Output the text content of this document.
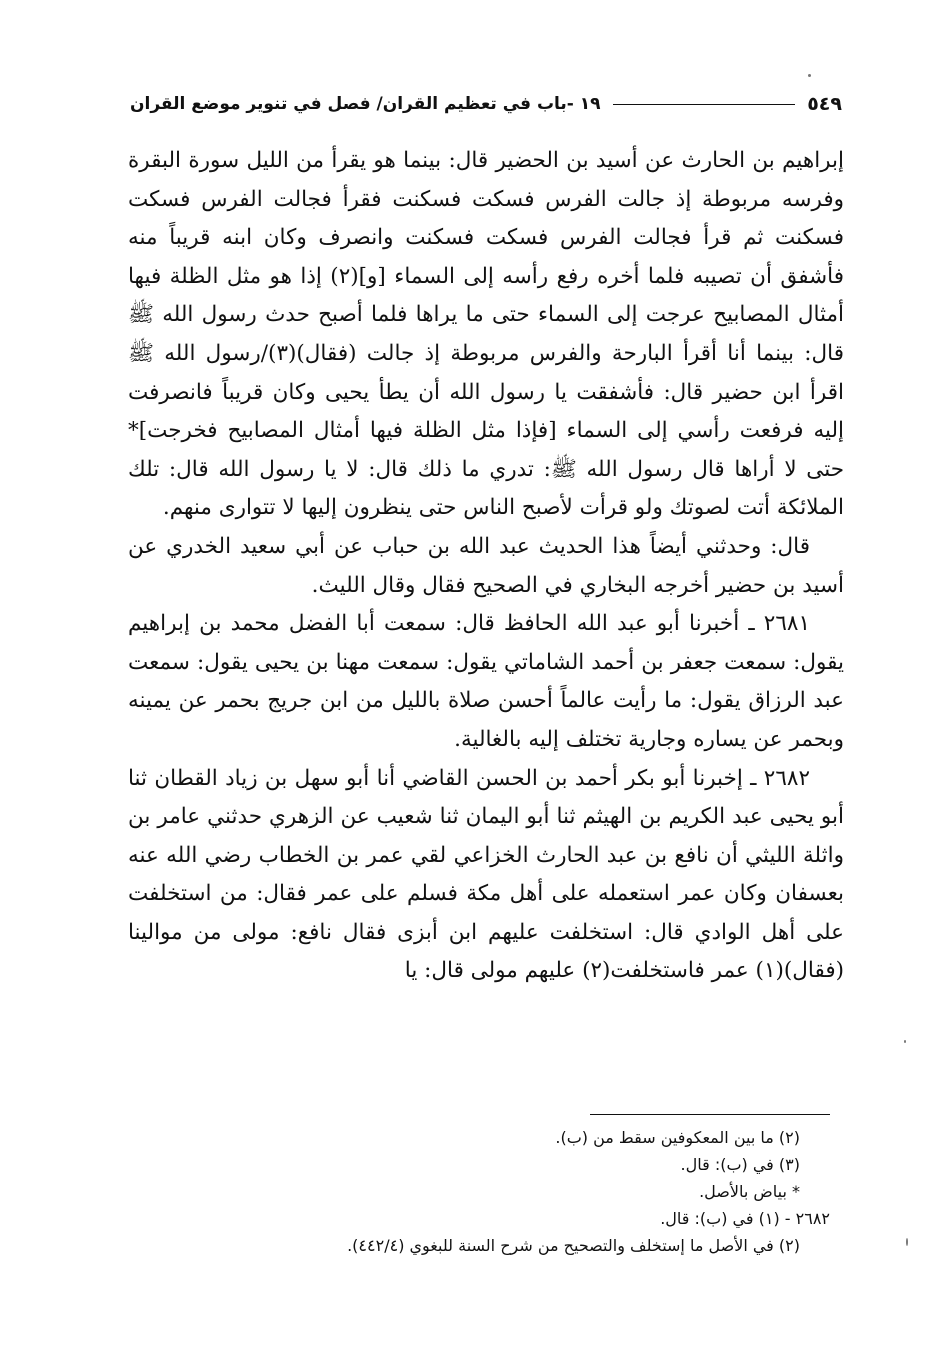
١٩ -باب في تعظيم القران/ فصل في تنوير موضع القران	٥٤٩

إبراهيم بن الحارث عن أسيد بن الحضير قال: بينما هو يقرأ من الليل سورة البقرة وفرسه مربوطة إذ جالت الفرس فسكت فسكنت فقرأ فجالت الفرس فسكت فسكنت ثم قرأ فجالت الفرس فسكت فسكنت وانصرف وكان ابنه قريباً منه فأشفق أن تصيبه فلما أخره رفع رأسه إلى السماء [و](٢) إذا هو مثل الظلة فيها أمثال المصابيح عرجت إلى السماء حتى ما يراها فلما أصبح حدث رسول الله ﷺ قال: بينما أنا أقرأ البارحة والفرس مربوطة إذ جالت (فقال)(٣)/رسول الله ﷺ اقرأ ابن حضير قال: فأشفقت يا رسول الله أن يطأ يحيى وكان قريباً فانصرفت إليه فرفعت رأسي إلى السماء [فإذا مثل الظلة فيها أمثال المصابيح فخرجت]* حتى لا أراها قال رسول الله ﷺ: تدري ما ذلك قال: لا يا رسول الله قال: تلك الملائكة أتت لصوتك ولو قرأت لأصبح الناس حتى ينظرون إليها لا تتوارى منهم.

قال: وحدثني أيضاً هذا الحديث عبد الله بن حباب عن أبي سعيد الخدري عن أسيد بن حضير أخرجه البخاري في الصحيح فقال وقال الليث.

٢٦٨١ ـ أخبرنا أبو عبد الله الحافظ قال: سمعت أبا الفضل محمد بن إبراهيم يقول: سمعت جعفر بن أحمد الشاماتي يقول: سمعت مهنا بن يحيى يقول: سمعت عبد الرزاق يقول: ما رأيت عالماً أحسن صلاة بالليل من ابن جريج بحمر عن يمينه وبحمر عن يساره وجارية تختلف إليه بالغالية.

٢٦٨٢ ـ إخبرنا أبو بكر أحمد بن الحسن القاضي أنا أبو سهل بن زياد القطان ثنا أبو يحيى عبد الكريم بن الهيثم ثنا أبو اليمان ثنا شعيب عن الزهري حدثني عامر بن واثلة الليثي أن نافع بن عبد الحارث الخزاعي لقي عمر بن الخطاب رضي الله عنه بعسفان وكان عمر استعمله على أهل مكة فسلم على عمر فقال: من استخلفت على أهل الوادي قال: استخلفت عليهم ابن أبزى فقال نافع: مولى من موالينا (فقال)(١) عمر فاستخلفت(٢) عليهم مولى قال: يا

(٢) ما بين المعكوفين سقط من (ب).
(٣) في (ب): قال.
* بياض بالأصل.
٢٦٨٢ - (١) في (ب): قال.
(٢) في الأصل ما إستخلف والتصحيح من شرح السنة للبغوي (٤٤٢/٤).
